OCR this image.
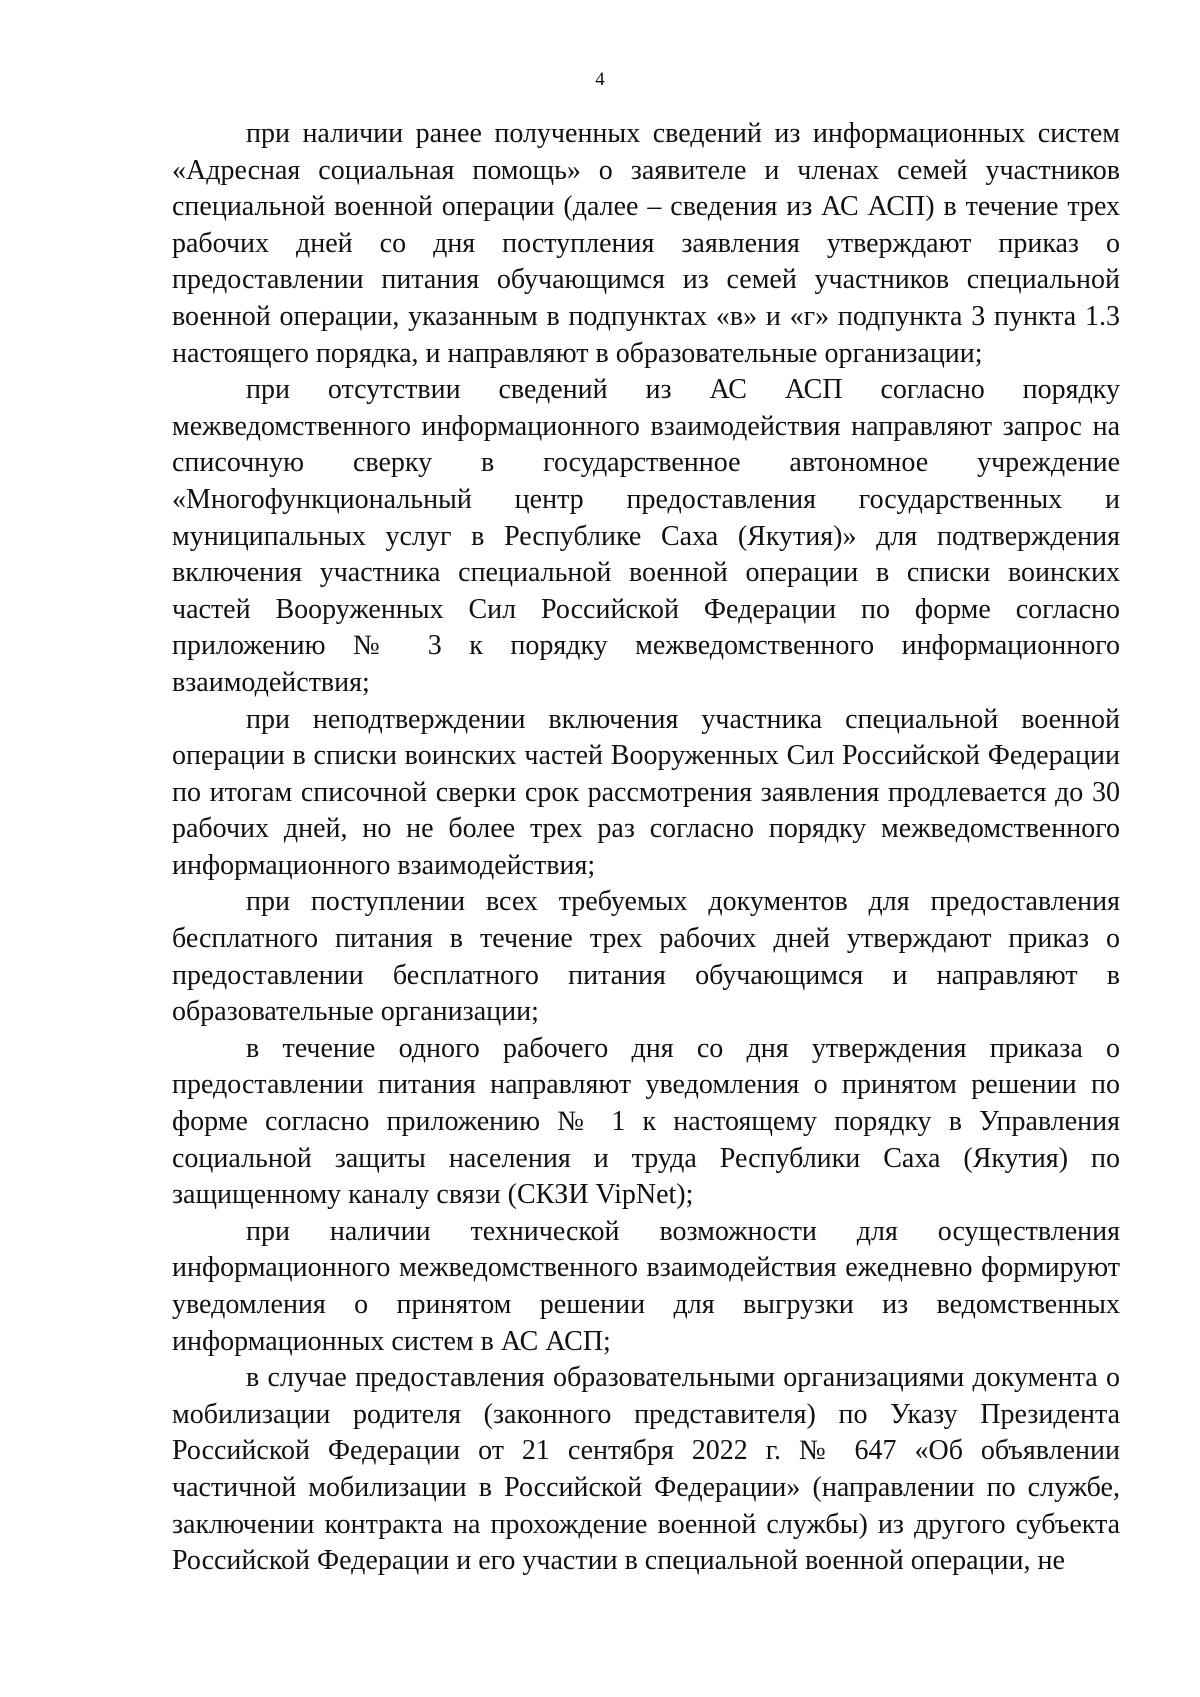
4

при наличии ранее полученных сведений из информационных систем «Адресная социальная помощь» о заявителе и членах семей участников специальной военной операции (далее – сведения из АС АСП) в течение трех рабочих дней со дня поступления заявления утверждают приказ о предоставлении питания обучающимся из семей участников специальной военной операции, указанным в подпунктах «в» и «г» подпункта 3 пункта 1.3 настоящего порядка, и направляют в образовательные организации;

при отсутствии сведений из АС АСП согласно порядку межведомственного информационного взаимодействия направляют запрос на списочную сверку в государственное автономное учреждение «Многофункциональный центр предоставления государственных и муниципальных услуг в Республике Саха (Якутия)» для подтверждения включения участника специальной военной операции в списки воинских частей Вооруженных Сил Российской Федерации по форме согласно приложению № 3 к порядку межведомственного информационного взаимодействия;

при неподтверждении включения участника специальной военной операции в списки воинских частей Вооруженных Сил Российской Федерации по итогам списочной сверки срок рассмотрения заявления продлевается до 30 рабочих дней, но не более трех раз согласно порядку межведомственного информационного взаимодействия;

при поступлении всех требуемых документов для предоставления бесплатного питания в течение трех рабочих дней утверждают приказ о предоставлении бесплатного питания обучающимся и направляют в образовательные организации;

в течение одного рабочего дня со дня утверждения приказа о предоставлении питания направляют уведомления о принятом решении по форме согласно приложению № 1 к настоящему порядку в Управления социальной защиты населения и труда Республики Саха (Якутия) по защищенному каналу связи (СКЗИ VipNet);

при наличии технической возможности для осуществления информационного межведомственного взаимодействия ежедневно формируют уведомления о принятом решении для выгрузки из ведомственных информационных систем в АС АСП;

в случае предоставления образовательными организациями документа о мобилизации родителя (законного представителя) по Указу Президента Российской Федерации от 21 сентября 2022 г. № 647 «Об объявлении частичной мобилизации в Российской Федерации» (направлении по службе, заключении контракта на прохождение военной службы) из другого субъекта Российской Федерации и его участии в специальной военной операции, не
